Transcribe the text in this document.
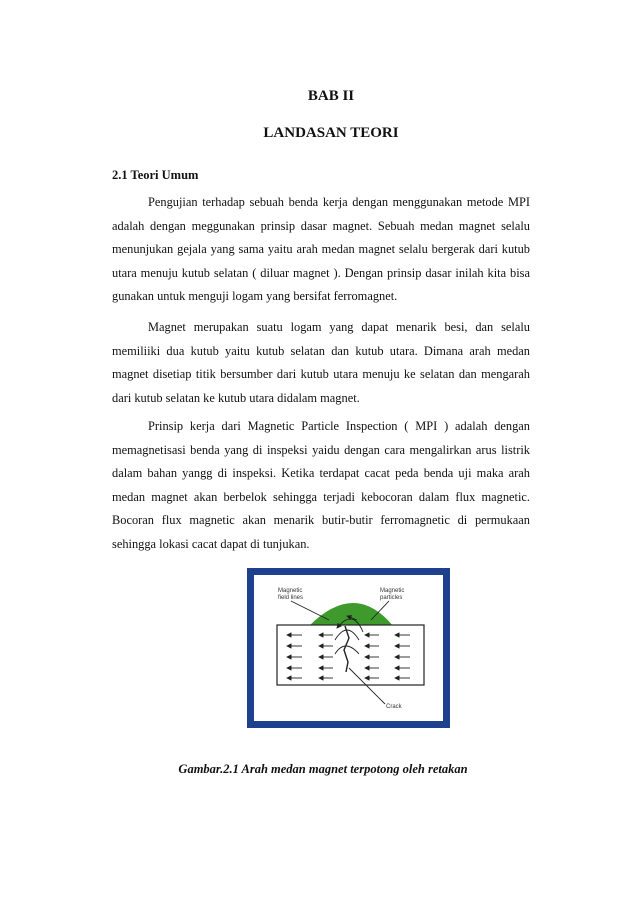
BAB II
LANDASAN TEORI
2.1 Teori Umum

Pengujian terhadap sebuah benda kerja dengan menggunakan metode MPI adalah dengan meggunakan prinsip dasar magnet. Sebuah medan magnet selalu menunjukan gejala yang sama yaitu arah medan magnet selalu bergerak dari kutub utara menuju kutub selatan ( diluar magnet ). Dengan prinsip dasar inilah kita bisa gunakan untuk menguji logam yang bersifat ferromagnet.

Magnet merupakan suatu logam yang dapat menarik besi, dan selalu memiliiki dua kutub yaitu kutub selatan dan kutub utara. Dimana arah medan magnet disetiap titik bersumber dari kutub utara menuju ke selatan dan mengarah dari kutub selatan ke kutub utara didalam magnet.

Prinsip kerja dari Magnetic Particle Inspection ( MPI ) adalah dengan memagnetisasi benda yang di inspeksi yaidu dengan cara mengalirkan arus listrik dalam bahan yangg di inspeksi. Ketika terdapat cacat peda benda uji maka arah medan magnet akan berbelok sehingga terjadi kebocoran dalam flux magnetic. Bocoran flux magnetic akan menarik butir-butir ferromagnetic di permukaan sehingga lokasi cacat dapat di tunjukan.

Magnetic
field lines
Magnetic
particles
Crack
Gambar.2.1 Arah medan magnet terpotong oleh retakan
